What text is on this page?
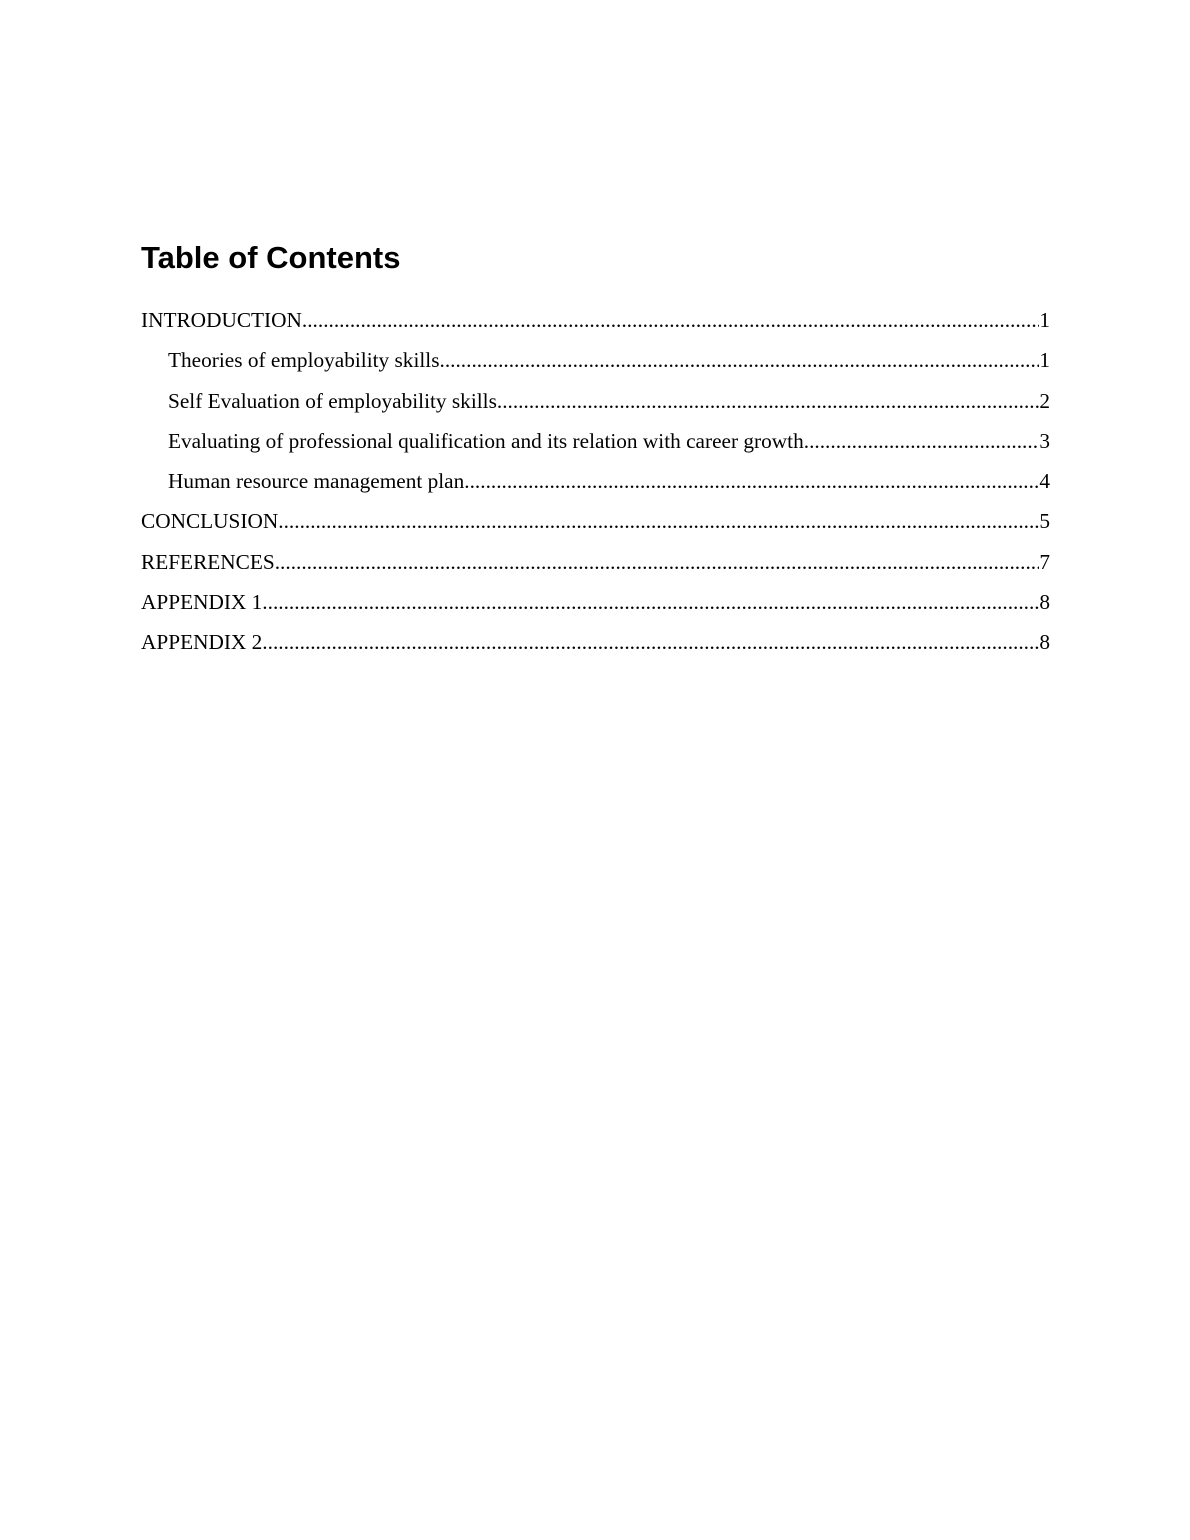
Table of Contents
INTRODUCTION .....	1
Theories of employability skills .....	1
Self Evaluation of employability skills .....	2
Evaluating of professional qualification and its relation with career growth .....	3
Human resource management plan .....	4
CONCLUSION .....	5
REFERENCES .....	7
APPENDIX 1 .....	8
APPENDIX 2 .....	8
